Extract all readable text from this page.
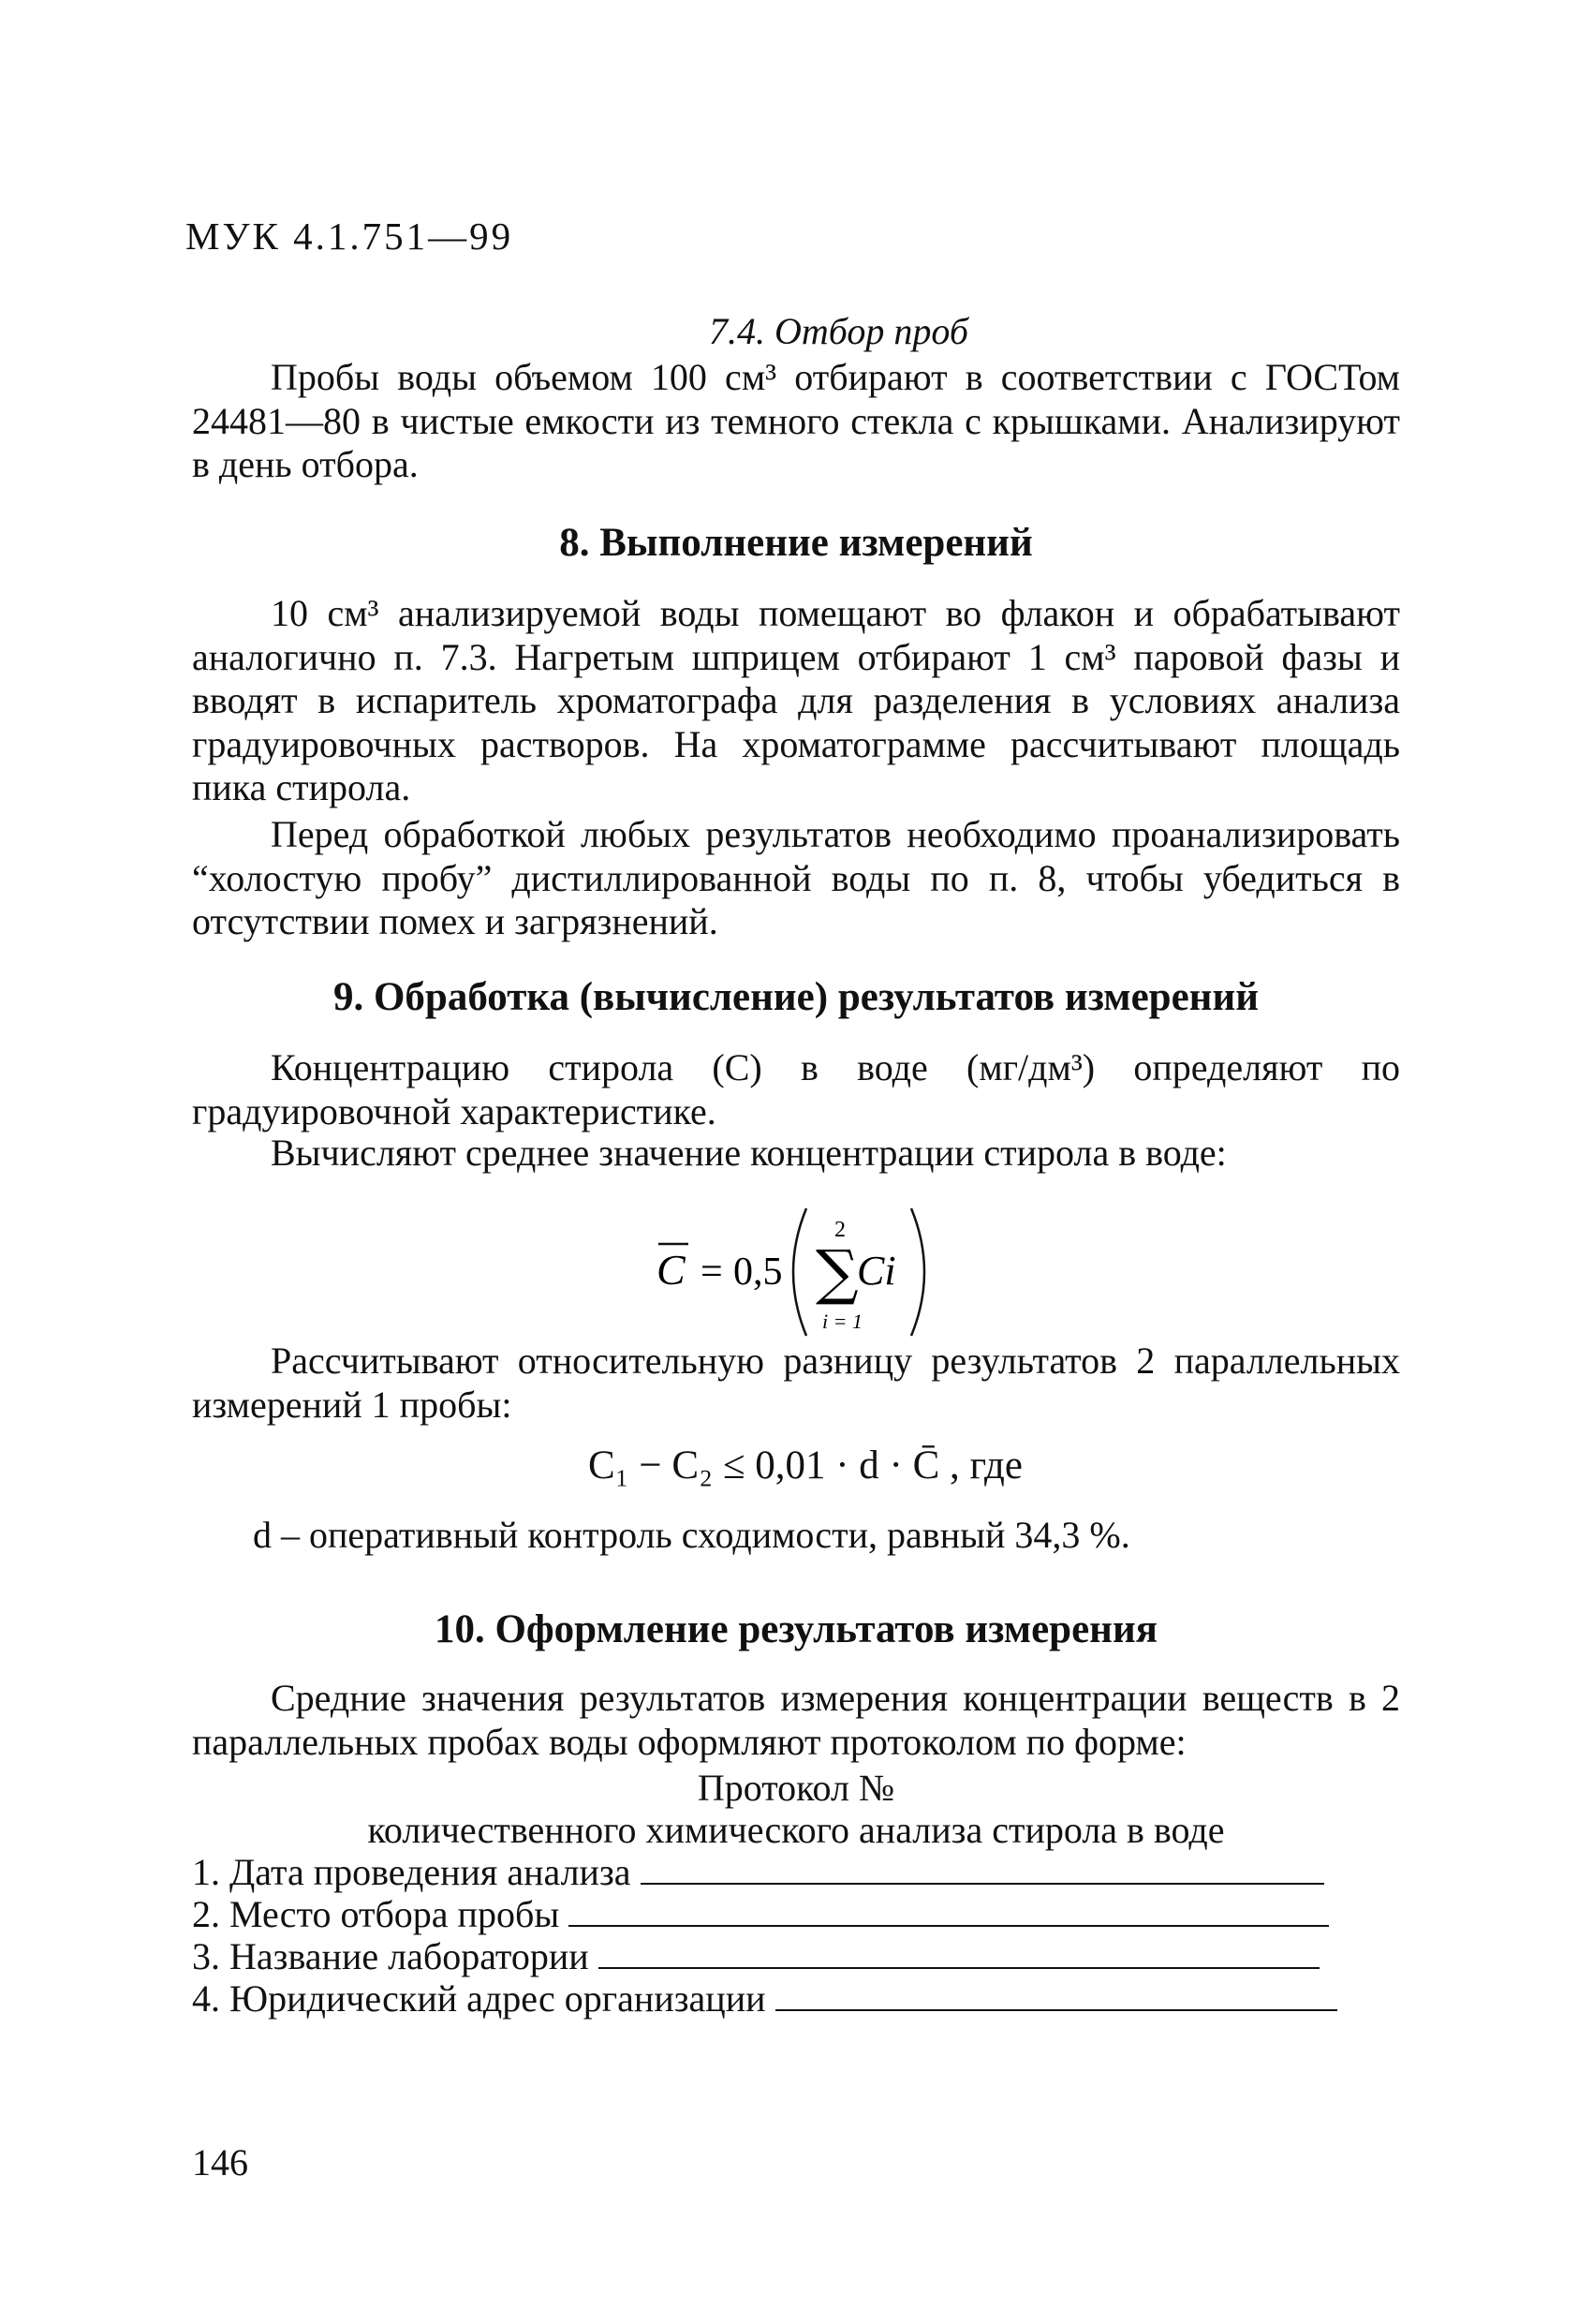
МУК 4.1.751—99
7.4. Отбор проб
Пробы воды объемом 100 см³ отбирают в соответствии с ГОСТом 24481—80 в чистые емкости из темного стекла с крышками. Анализируют в день отбора.
8. Выполнение измерений
10 см³ анализируемой воды помещают во флакон и обрабатывают аналогично п. 7.3. Нагретым шприцем отбирают 1 см³ паровой фазы и вводят в испаритель хроматографа для разделения в условиях анализа градуировочных растворов. На хроматограмме рассчитывают площадь пика стирола.
Перед обработкой любых результатов необходимо проанализировать “холостую пробу” дистиллированной воды по п. 8, чтобы убедиться в отсутствии помех и загрязнений.
9. Обработка (вычисление) результатов измерений
Концентрацию стирола (C) в воде (мг/дм³) определяют по градуировочной характеристике.
Вычисляют среднее значение концентрации стирола в воде:
C = 0,5
2
∑
Ci
i = 1
Рассчитывают относительную разницу результатов 2 параллельных измерений 1 пробы:
C₁ − C₂ ≤ 0,01 · d · C̄ , где
d – оперативный контроль сходимости, равный 34,3 %.
10. Оформление результатов измерения
Средние значения результатов измерения концентрации веществ в 2 параллельных пробах воды оформляют протоколом по форме:
Протокол №
количественного химического анализа стирола в воде
1. Дата проведения анализа
2. Место отбора пробы
3. Название лаборатории
4. Юридический адрес организации
146
